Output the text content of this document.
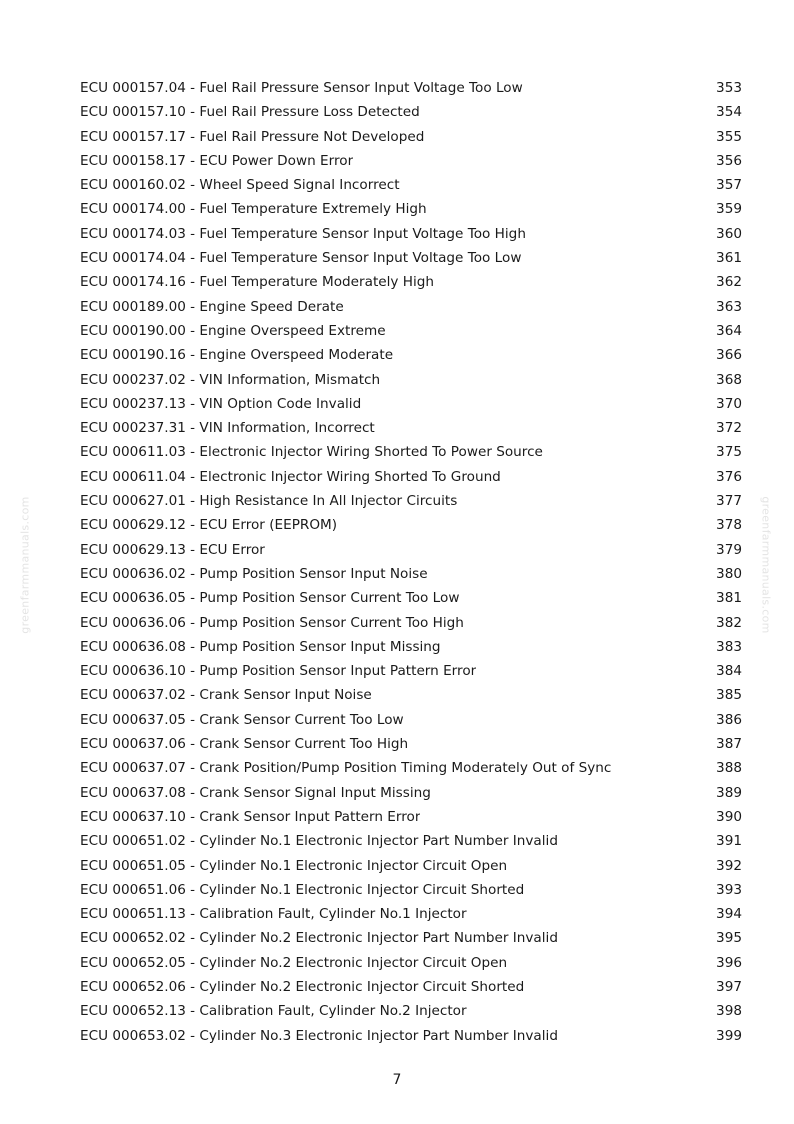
greenfarmmanuals.com	greenfarmmanuals.com
ECU 000157.04 - Fuel Rail Pressure Sensor Input Voltage Too Low	353
ECU 000157.10 - Fuel Rail Pressure Loss Detected	354
ECU 000157.17 - Fuel Rail Pressure Not Developed	355
ECU 000158.17 - ECU Power Down Error	356
ECU 000160.02 - Wheel Speed Signal Incorrect	357
ECU 000174.00 - Fuel Temperature Extremely High	359
ECU 000174.03 - Fuel Temperature Sensor Input Voltage Too High	360
ECU 000174.04 - Fuel Temperature Sensor Input Voltage Too Low	361
ECU 000174.16 - Fuel Temperature Moderately High	362
ECU 000189.00 - Engine Speed Derate	363
ECU 000190.00 - Engine Overspeed Extreme	364
ECU 000190.16 - Engine Overspeed Moderate	366
ECU 000237.02 - VIN Information, Mismatch	368
ECU 000237.13 - VIN Option Code Invalid	370
ECU 000237.31 - VIN Information, Incorrect	372
ECU 000611.03 - Electronic Injector Wiring Shorted To Power Source	375
ECU 000611.04 - Electronic Injector Wiring Shorted To Ground	376
ECU 000627.01 - High Resistance In All Injector Circuits	377
ECU 000629.12 - ECU Error (EEPROM)	378
ECU 000629.13 - ECU Error	379
ECU 000636.02 - Pump Position Sensor Input Noise	380
ECU 000636.05 - Pump Position Sensor Current Too Low	381
ECU 000636.06 - Pump Position Sensor Current Too High	382
ECU 000636.08 - Pump Position Sensor Input Missing	383
ECU 000636.10 - Pump Position Sensor Input Pattern Error	384
ECU 000637.02 - Crank Sensor Input Noise	385
ECU 000637.05 - Crank Sensor Current Too Low	386
ECU 000637.06 - Crank Sensor Current Too High	387
ECU 000637.07 - Crank Position/Pump Position Timing Moderately Out of Sync	388
ECU 000637.08 - Crank Sensor Signal Input Missing	389
ECU 000637.10 - Crank Sensor Input Pattern Error	390
ECU 000651.02 - Cylinder No.1 Electronic Injector Part Number Invalid	391
ECU 000651.05 - Cylinder No.1 Electronic Injector Circuit Open	392
ECU 000651.06 - Cylinder No.1 Electronic Injector Circuit Shorted	393
ECU 000651.13 - Calibration Fault, Cylinder No.1 Injector	394
ECU 000652.02 - Cylinder No.2 Electronic Injector Part Number Invalid	395
ECU 000652.05 - Cylinder No.2 Electronic Injector Circuit Open	396
ECU 000652.06 - Cylinder No.2 Electronic Injector Circuit Shorted	397
ECU 000652.13 - Calibration Fault, Cylinder No.2 Injector	398
ECU 000653.02 - Cylinder No.3 Electronic Injector Part Number Invalid	399
7
